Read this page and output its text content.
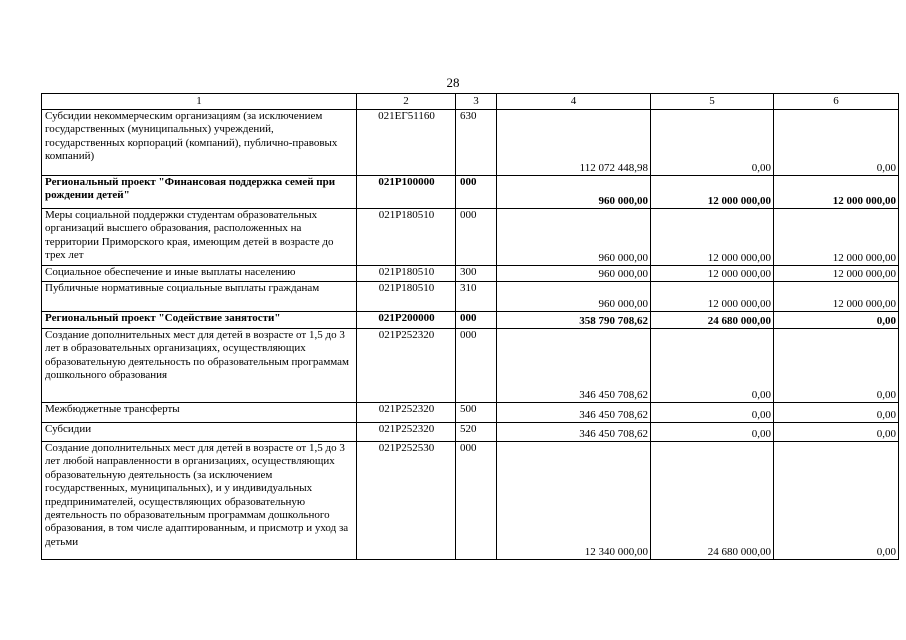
28
1	2	3	4	5	6
Субсидии некоммерческим организациям (за исключением государственных (муниципальных) учреждений, государственных корпораций (компаний), публично-правовых компаний)	021ЕГ51160	630	112 072 448,98	0,00	0,00
Региональный проект "Финансовая поддержка семей при рождении детей"	021Р100000	000	960 000,00	12 000 000,00	12 000 000,00
Меры социальной поддержки студентам образовательных организаций высшего образования, расположенных на территории Приморского края, имеющим детей в возрасте до трех лет	021Р180510	000	960 000,00	12 000 000,00	12 000 000,00
Социальное обеспечение и иные выплаты населению	021Р180510	300	960 000,00	12 000 000,00	12 000 000,00
Публичные нормативные социальные выплаты гражданам	021Р180510	310	960 000,00	12 000 000,00	12 000 000,00
Региональный проект "Содействие занятости"	021Р200000	000	358 790 708,62	24 680 000,00	0,00
Создание дополнительных мест для детей в возрасте от 1,5 до 3 лет в образовательных организациях, осуществляющих образовательную деятельность по образовательным программам дошкольного образования	021Р252320	000	346 450 708,62	0,00	0,00
Межбюджетные трансферты	021Р252320	500	346 450 708,62	0,00	0,00
Субсидии	021Р252320	520	346 450 708,62	0,00	0,00
Создание дополнительных мест для детей в возрасте от 1,5 до 3 лет любой направленности в организациях, осуществляющих образовательную деятельность (за исключением государственных, муниципальных), и у индивидуальных предпринимателей, осуществляющих образовательную деятельность по образовательным программам дошкольного образования, в том числе адаптированным, и присмотр и уход за детьми	021Р252530	000	12 340 000,00	24 680 000,00	0,00
